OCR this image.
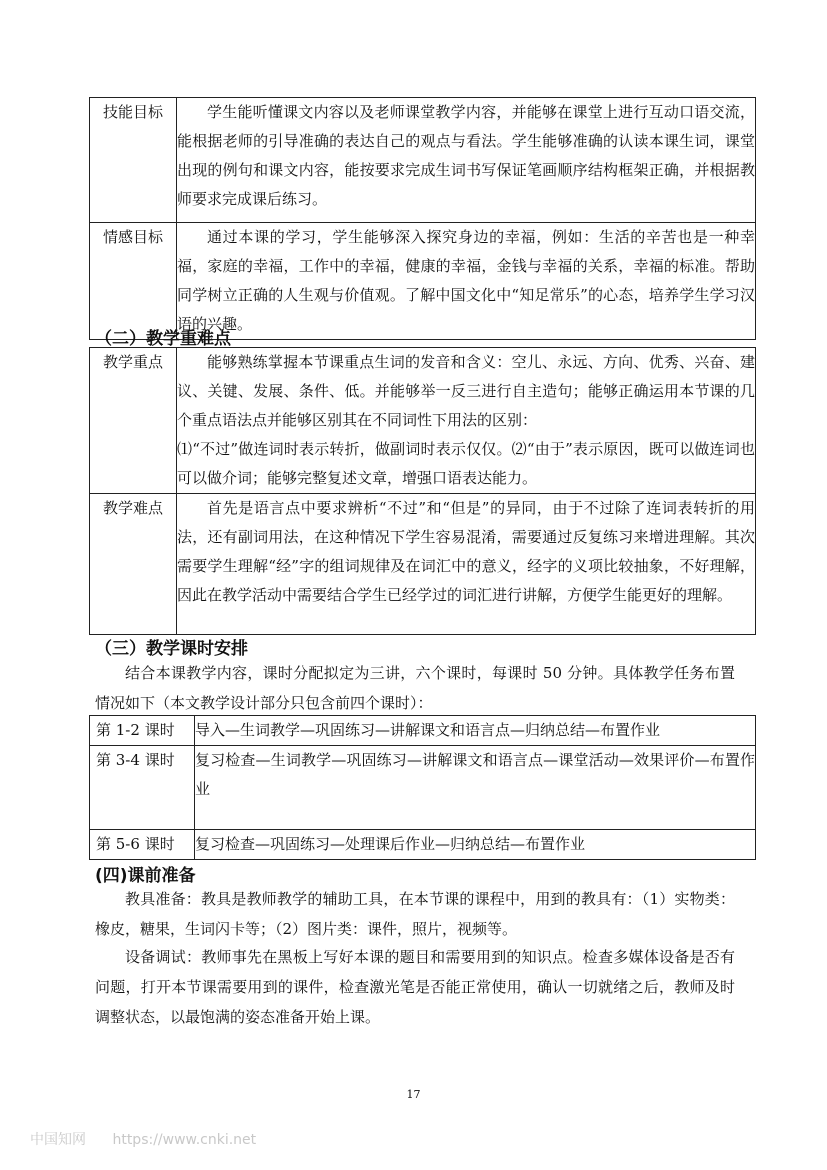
技能目标	学生能听懂课文内容以及老师课堂教学内容，并能够在课堂上进行互动口语交流，能根据老师的引导准确的表达自己的观点与看法。学生能够准确的认读本课生词，课堂出现的例句和课文内容，能按要求完成生词书写保证笔画顺序结构框架正确，并根据教师要求完成课后练习。
情感目标	通过本课的学习，学生能够深入探究身边的幸福，例如：生活的辛苦也是一种幸福，家庭的幸福，工作中的幸福，健康的幸福，金钱与幸福的关系，幸福的标准。帮助同学树立正确的人生观与价值观。了解中国文化中“知足常乐”的心态，培养学生学习汉语的兴趣。
（二）教学重难点
教学重点	能够熟练掌握本节课重点生词的发音和含义：空儿、永远、方向、优秀、兴奋、建议、关键、发展、条件、低。并能够举一反三进行自主造句；能够正确运用本节课的几个重点语法点并能够区别其在不同词性下用法的区别：
⑴“不过”做连词时表示转折，做副词时表示仅仅。⑵“由于”表示原因，既可以做连词也可以做介词；能够完整复述文章，增强口语表达能力。

教学难点	首先是语言点中要求辨析“不过”和“但是”的异同，由于不过除了连词表转折的用法，还有副词用法，在这种情况下学生容易混淆，需要通过反复练习来增进理解。其次需要学生理解“经”字的组词规律及在词汇中的意义，经字的义项比较抽象，不好理解，因此在教学活动中需要结合学生已经学过的词汇进行讲解，方便学生能更好的理解。
（三）教学课时安排
结合本课教学内容，课时分配拟定为三讲，六个课时，每课时 50 分钟。具体教学任务布置情况如下（本文教学设计部分只包含前四个课时）：
第 1-2 课时	导入—生词教学—巩固练习—讲解课文和语言点—归纳总结—布置作业
第 3-4 课时	复习检查—生词教学—巩固练习—讲解课文和语言点—课堂活动—效果评价—布置作业
第 5-6 课时	复习检查—巩固练习—处理课后作业—归纳总结—布置作业
(四)课前准备
教具准备：教具是教师教学的辅助工具，在本节课的课程中，用到的教具有：（1）实物类：橡皮，糖果，生词闪卡等；（2）图片类：课件，照片，视频等。
设备调试：教师事先在黑板上写好本课的题目和需要用到的知识点。检查多媒体设备是否有问题，打开本节课需要用到的课件，检查激光笔是否能正常使用，确认一切就绪之后，教师及时调整状态，以最饱满的姿态准备开始上课。
17
中国知网 https://www.cnki.net
